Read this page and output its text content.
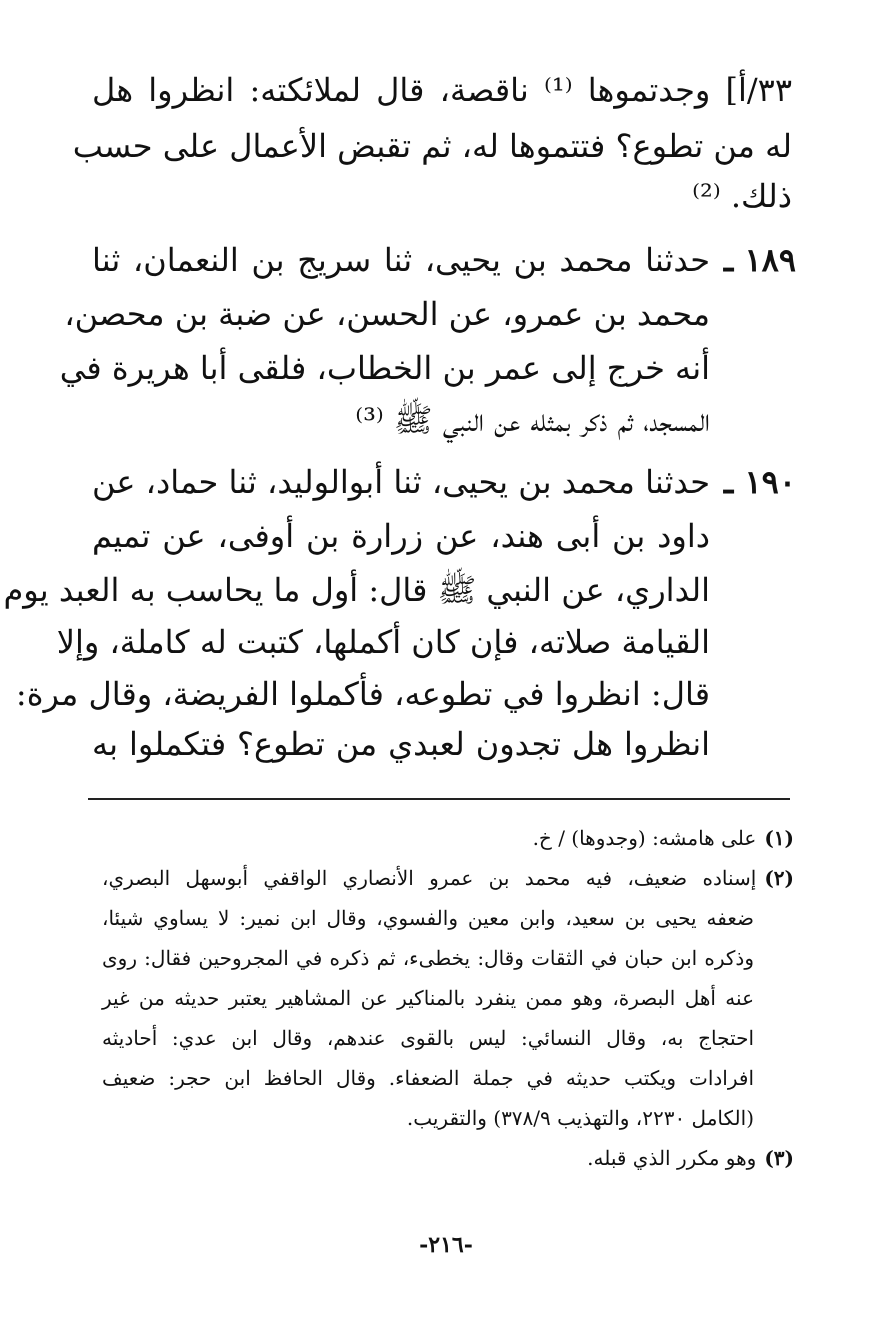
٣٣/أ] وجدتموها ⁽¹⁾ ناقصة، قال لملائكته: انظروا هل
له من تطوع؟ فتتموها له، ثم تقبض الأعمال على حسب
ذلك. ⁽²⁾
١٨٩ ـ
حدثنا محمد بن يحيى، ثنا سريج بن النعمان، ثنا
محمد بن عمرو، عن الحسن، عن ضبة بن محصن،
أنه خرج إلى عمر بن الخطاب، فلقى أبا هريرة في
المسجد، ثم ذكر بمثله عن النبي ﷺ ⁽³⁾
١٩٠ ـ
حدثنا محمد بن يحيى، ثنا أبوالوليد، ثنا حماد، عن
داود بن أبى هند، عن زرارة بن أوفى، عن تميم
الداري، عن النبي ﷺ قال: أول ما يحاسب به العبد يوم
القيامة صلاته، فإن كان أكملها، كتبت له كاملة، وإلا
قال: انظروا في تطوعه، فأكملوا الفريضة، وقال مرة:
انظروا هل تجدون لعبدي من تطوع؟ فتكملوا به
(١)على هامشه: (وجدوها) / خ.
(٢)إسناده ضعيف، فيه محمد بن عمرو الأنصاري الواقفي أبوسهل البصري،
ضعفه يحيى بن سعيد، وابن معين والفسوي، وقال ابن نمير: لا يساوي شيئا،
وذكره ابن حبان في الثقات وقال: يخطىء، ثم ذكره في المجروحين فقال: روى
عنه أهل البصرة، وهو ممن ينفرد بالمناكير عن المشاهير يعتبر حديثه من غير
احتجاج به، وقال النسائي: ليس بالقوى عندهم، وقال ابن عدي: أحاديثه
افرادات ويكتب حديثه في جملة الضعفاء. وقال الحافظ ابن حجر: ضعيف
(الكامل ٢٢٣٠، والتهذيب ٣٧٨/٩) والتقريب.
(٣)وهو مكرر الذي قبله.
-٢١٦-
